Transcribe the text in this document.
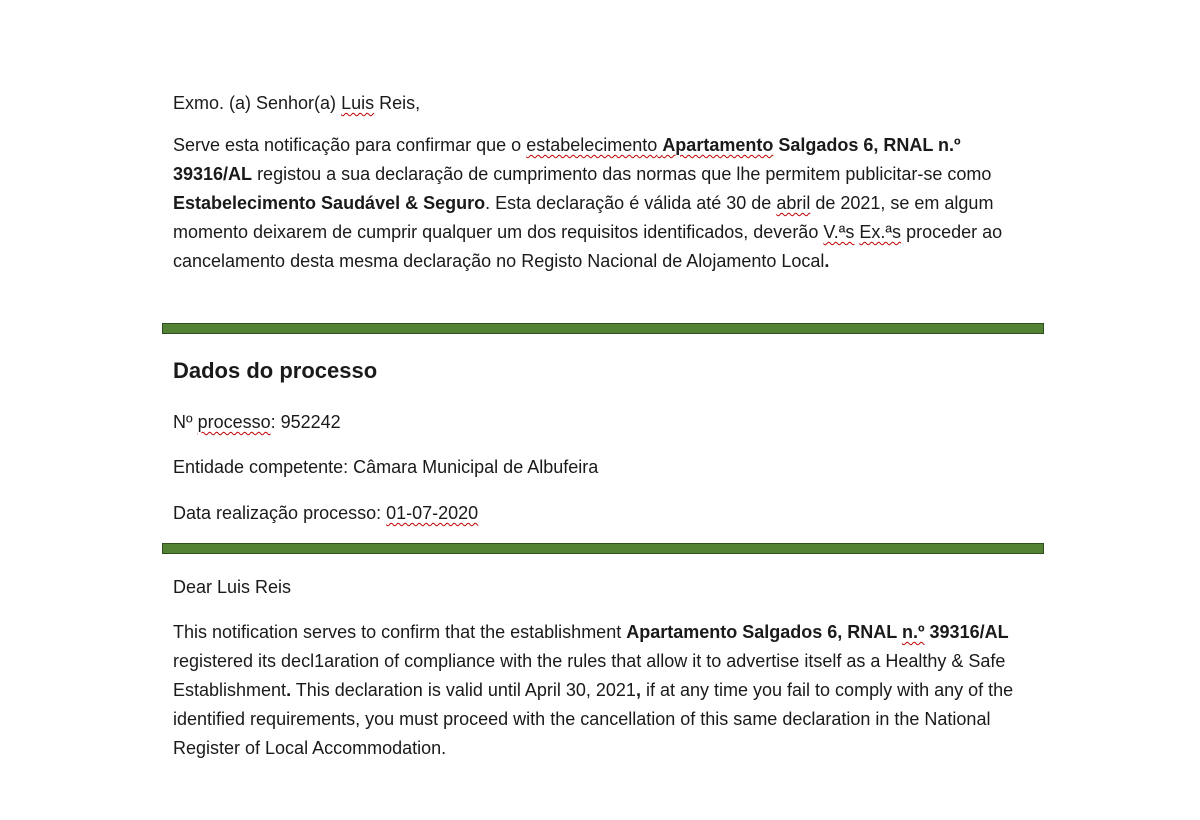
Exmo. (a) Senhor(a) Luis Reis,

Serve esta notificação para confirmar que o estabelecimento Apartamento Salgados 6, RNAL n.º 39316/AL registou a sua declaração de cumprimento das normas que lhe permitem publicitar-se como Estabelecimento Saudável & Seguro. Esta declaração é válida até 30 de abril de 2021, se em algum momento deixarem de cumprir qualquer um dos requisitos identificados, deverão V.ªs Ex.ªs proceder ao cancelamento desta mesma declaração no Registo Nacional de Alojamento Local.

Dados do processo

Nº processo: 952242

Entidade competente: Câmara Municipal de Albufeira

Data realização processo: 01-07-2020

Dear Luis Reis

This notification serves to confirm that the establishment Apartamento Salgados 6, RNAL n.º 39316/AL registered its decl1aration of compliance with the rules that allow it to advertise itself as a Healthy & Safe Establishment. This declaration is valid until April 30, 2021, if at any time you fail to comply with any of the identified requirements, you must proceed with the cancellation of this same declaration in the National Register of Local Accommodation.
